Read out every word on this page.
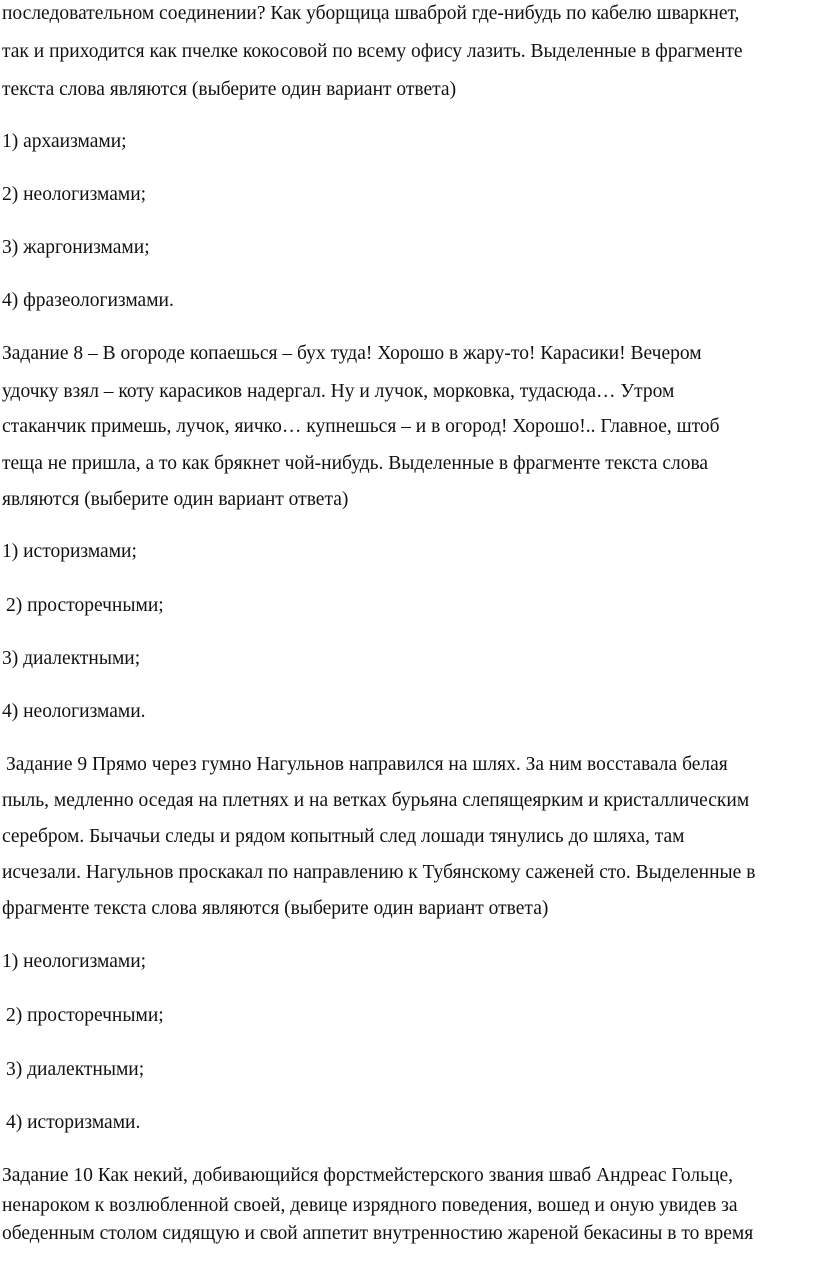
последовательном соединении? Как уборщица шваброй где-нибудь по кабелю шваркнет,
так и приходится как пчелке кокосовой по всему офису лазить. Выделенные в фрагменте
текста слова являются (выберите один вариант ответа)
1) архаизмами;
2) неологизмами;
3) жаргонизмами;
4) фразеологизмами.
Задание 8 – В огороде копаешься – бух туда! Хорошо в жару-то! Карасики! Вечером
удочку взял – коту карасиков надергал. Ну и лучок, морковка, тудасюда… Утром
стаканчик примешь, лучок, яичко… купнешься – и в огород! Хорошо!.. Главное, штоб
теща не пришла, а то как брякнет чой-нибудь. Выделенные в фрагменте текста слова
являются (выберите один вариант ответа)
1) историзмами;
2) просторечными;
3) диалектными;
4) неологизмами.
Задание 9 Прямо через гумно Нагульнов направился на шлях. За ним восставала белая
пыль, медленно оседая на плетнях и на ветках бурьяна слепящеярким и кристаллическим
серебром. Бычачьи следы и рядом копытный след лошади тянулись до шляха, там
исчезали. Нагульнов проскакал по направлению к Тубянскому саженей сто. Выделенные в
фрагменте текста слова являются (выберите один вариант ответа)
1) неологизмами;
2) просторечными;
3) диалектными;
4) историзмами.
Задание 10 Как некий, добивающийся форстмейстерского звания шваб Андреас Гольце,
ненароком к возлюбленной своей, девице изрядного поведения, вошед и оную увидев за
обеденным столом сидящую и свой аппетит внутренностию жареной бекасины в то время
